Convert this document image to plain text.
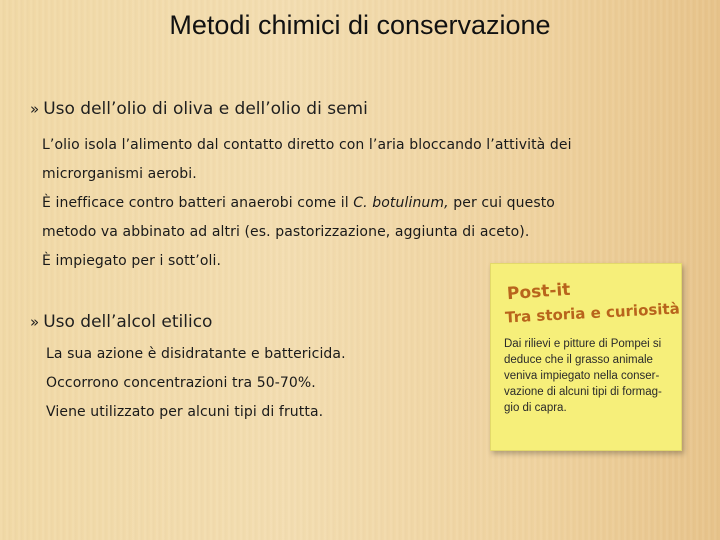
Metodi chimici di conservazione
» Uso dell’olio di oliva e dell’olio di semi
L’olio isola l’alimento dal contatto diretto con l’aria bloccando l’attività dei
microrganismi aerobi.
È inefficace contro batteri anaerobi come il C. botulinum, per cui questo
metodo va abbinato ad altri (es. pastorizzazione, aggiunta di aceto).
È impiegato per i sott’oli.
» Uso dell’alcol etilico
La sua azione è disidratante e battericida.
Occorrono concentrazioni tra 50-70%.
Viene utilizzato per alcuni tipi di frutta.
Post-it
Tra storia e curiosità
Dai rilievi e pitture di Pompei si
deduce che il grasso animale
veniva impiegato nella conser-
vazione di alcuni tipi di formag-
gio di capra.
